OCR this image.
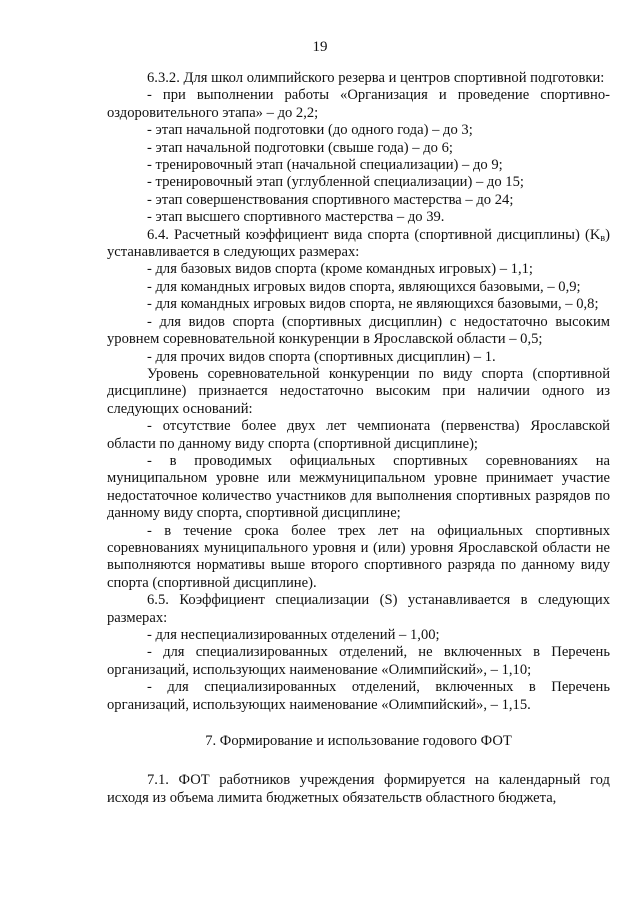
19

6.3.2. Для школ олимпийского резерва и центров спортивной подготовки:

- при выполнении работы «Организация и проведение спортивно-оздоровительного этапа» – до 2,2;

- этап начальной подготовки (до одного года) – до 3;

- этап начальной подготовки (свыше года) – до 6;

- тренировочный этап (начальной специализации) – до 9;

- тренировочный этап (углубленной специализации) – до 15;

- этап совершенствования спортивного мастерства – до 24;

- этап высшего спортивного мастерства – до 39.

6.4. Расчетный коэффициент вида спорта (спортивной дисциплины) $(K_в)$ устанавливается в следующих размерах:

- для базовых видов спорта (кроме командных игровых) – 1,1;

- для командных игровых видов спорта, являющихся базовыми, – 0,9;

- для командных игровых видов спорта, не являющихся базовыми, – 0,8;

- для видов спорта (спортивных дисциплин) с недостаточно высоким уровнем соревновательной конкуренции в Ярославской области – 0,5;

- для прочих видов спорта (спортивных дисциплин) – 1.

Уровень соревновательной конкуренции по виду спорта (спортивной дисциплине) признается недостаточно высоким при наличии одного из следующих оснований:

- отсутствие более двух лет чемпионата (первенства) Ярославской области по данному виду спорта (спортивной дисциплине);

- в проводимых официальных спортивных соревнованиях на муниципальном уровне или межмуниципальном уровне принимает участие недостаточное количество участников для выполнения спортивных разрядов по данному виду спорта, спортивной дисциплине;

- в течение срока более трех лет на официальных спортивных соревнованиях муниципального уровня и (или) уровня Ярославской области не выполняются нормативы выше второго спортивного разряда по данному виду спорта (спортивной дисциплине).

6.5. Коэффициент специализации (S) устанавливается в следующих размерах:

- для неспециализированных отделений – 1,00;

- для специализированных отделений, не включенных в Перечень организаций, использующих наименование «Олимпийский», – 1,10;

- для специализированных отделений, включенных в Перечень организаций, использующих наименование «Олимпийский», – 1,15.

7. Формирование и использование годового ФОТ

7.1. ФОТ работников учреждения формируется на календарный год исходя из объема лимита бюджетных обязательств областного бюджета,
